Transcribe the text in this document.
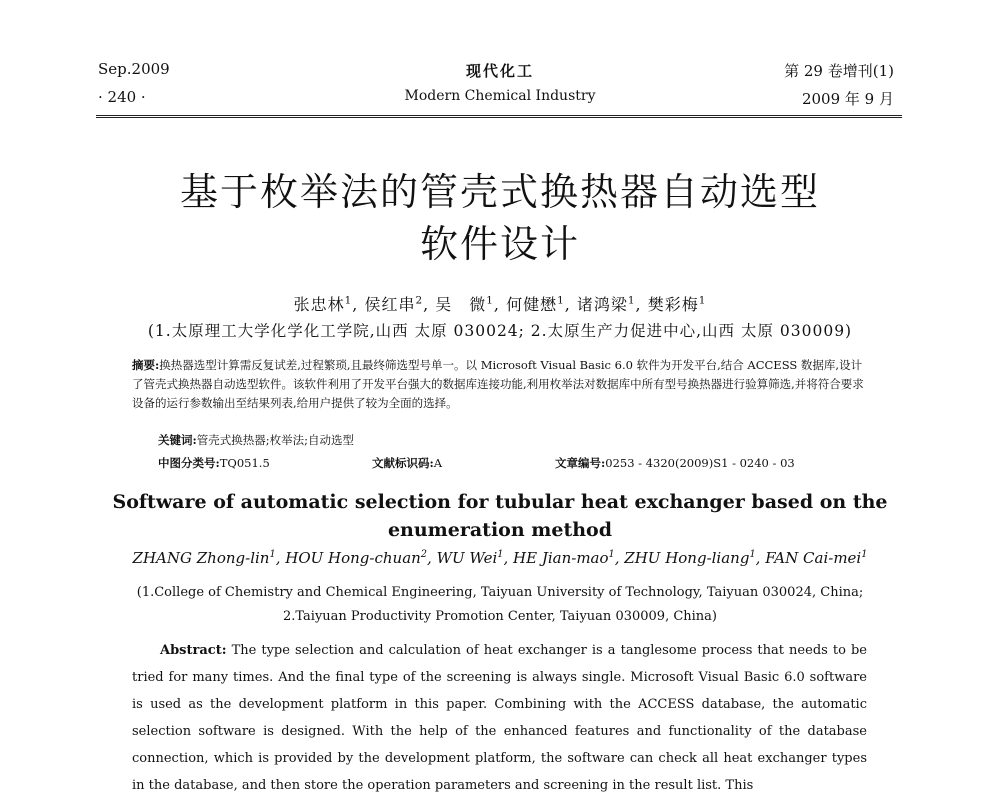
Sep.2009	现代化工	第 29 卷增刊(1)
· 240 ·	Modern Chemical Industry	2009 年 9 月
基于枚举法的管壳式换热器自动选型
软件设计
张忠林$^1$, 侯红串$^2$, 吴　微$^1$, 何健懋$^1$, 诸鸿梁$^1$, 樊彩梅$^1$
(1.太原理工大学化学化工学院,山西 太原 030024; 2.太原生产力促进中心,山西 太原 030009)
摘要:换热器选型计算需反复试差,过程繁琐,且最终筛选型号单一。以 Microsoft Visual Basic 6.0 软件为开发平台,结合 ACCESS 数据库,设计了管壳式换热器自动选型软件。该软件利用了开发平台强大的数据库连接功能,利用枚举法对数据库中所有型号换热器进行验算筛选,并将符合要求设备的运行参数输出至结果列表,给用户提供了较为全面的选择。
关键词:管壳式换热器;枚举法;自动选型
中图分类号:TQ051.5	文献标识码:A	文章编号:0253 - 4320(2009)S1 - 0240 - 03
Software of automatic selection for tubular heat exchanger based on the
enumeration method
ZHANG Zhong-lin$^1$, HOU Hong-chuan$^2$, WU Wei$^1$, HE Jian-mao$^1$, ZHU Hong-liang$^1$, FAN Cai-mei$^1$
(1.College of Chemistry and Chemical Engineering, Taiyuan University of Technology, Taiyuan 030024, China;
2.Taiyuan Productivity Promotion Center, Taiyuan 030009, China)
Abstract: The type selection and calculation of heat exchanger is a tanglesome process that needs to be tried for many times. And the final type of the screening is always single. Microsoft Visual Basic 6.0 software is used as the development platform in this paper. Combining with the ACCESS database, the automatic selection software is designed. With the help of the enhanced features and functionality of the database connection, which is provided by the development platform, the software can check all heat exchanger types in the database, and then store the operation parameters and screening in the result list. This
